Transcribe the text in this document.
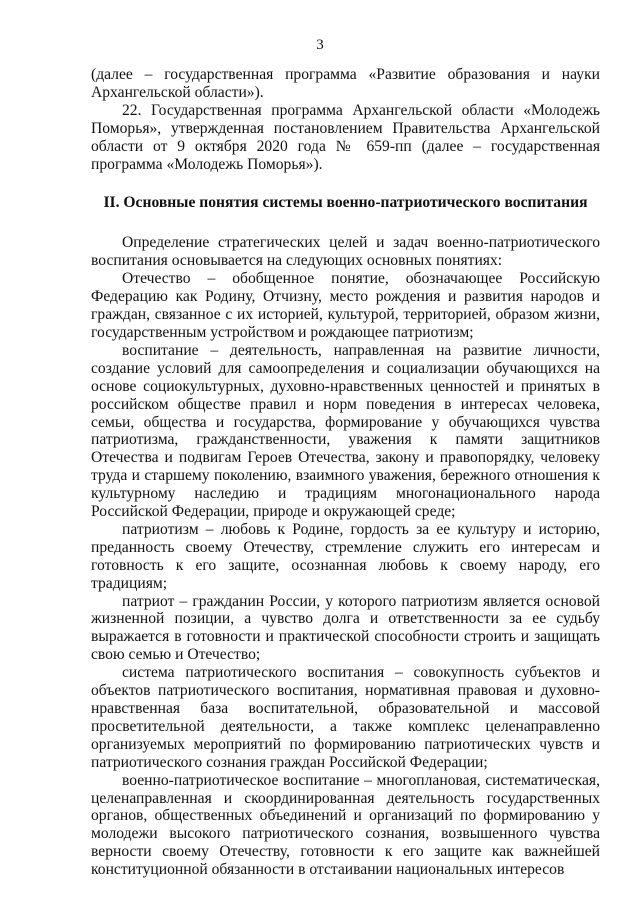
3

(далее – государственная программа «Развитие образования и науки Архангельской области»).

22. Государственная программа Архангельской области «Молодежь Поморья», утвержденная постановлением Правительства Архангельской области от 9 октября 2020 года № 659-пп (далее – государственная программа «Молодежь Поморья»).

II. Основные понятия системы военно-патриотического воспитания

Определение стратегических целей и задач военно-патриотического воспитания основывается на следующих основных понятиях:

Отечество – обобщенное понятие, обозначающее Российскую Федерацию как Родину, Отчизну, место рождения и развития народов и граждан, связанное с их историей, культурой, территорией, образом жизни, государственным устройством и рождающее патриотизм;

воспитание – деятельность, направленная на развитие личности, создание условий для самоопределения и социализации обучающихся на основе социокультурных, духовно-нравственных ценностей и принятых в российском обществе правил и норм поведения в интересах человека, семьи, общества и государства, формирование у обучающихся чувства патриотизма, гражданственности, уважения к памяти защитников Отечества и подвигам Героев Отечества, закону и правопорядку, человеку труда и старшему поколению, взаимного уважения, бережного отношения к культурному наследию и традициям многонационального народа Российской Федерации, природе и окружающей среде;

патриотизм – любовь к Родине, гордость за ее культуру и историю, преданность своему Отечеству, стремление служить его интересам и готовность к его защите, осознанная любовь к своему народу, его традициям;

патриот – гражданин России, у которого патриотизм является основой жизненной позиции, а чувство долга и ответственности за ее судьбу выражается в готовности и практической способности строить и защищать свою семью и Отечество;

система патриотического воспитания – совокупность субъектов и объектов патриотического воспитания, нормативная правовая и духовно-нравственная база воспитательной, образовательной и массовой просветительной деятельности, а также комплекс целенаправленно организуемых мероприятий по формированию патриотических чувств и патриотического сознания граждан Российской Федерации;

военно-патриотическое воспитание – многоплановая, систематическая, целенаправленная и скоординированная деятельность государственных органов, общественных объединений и организаций по формированию у молодежи высокого патриотического сознания, возвышенного чувства верности своему Отечеству, готовности к его защите как важнейшей конституционной обязанности в отстаивании национальных интересов
